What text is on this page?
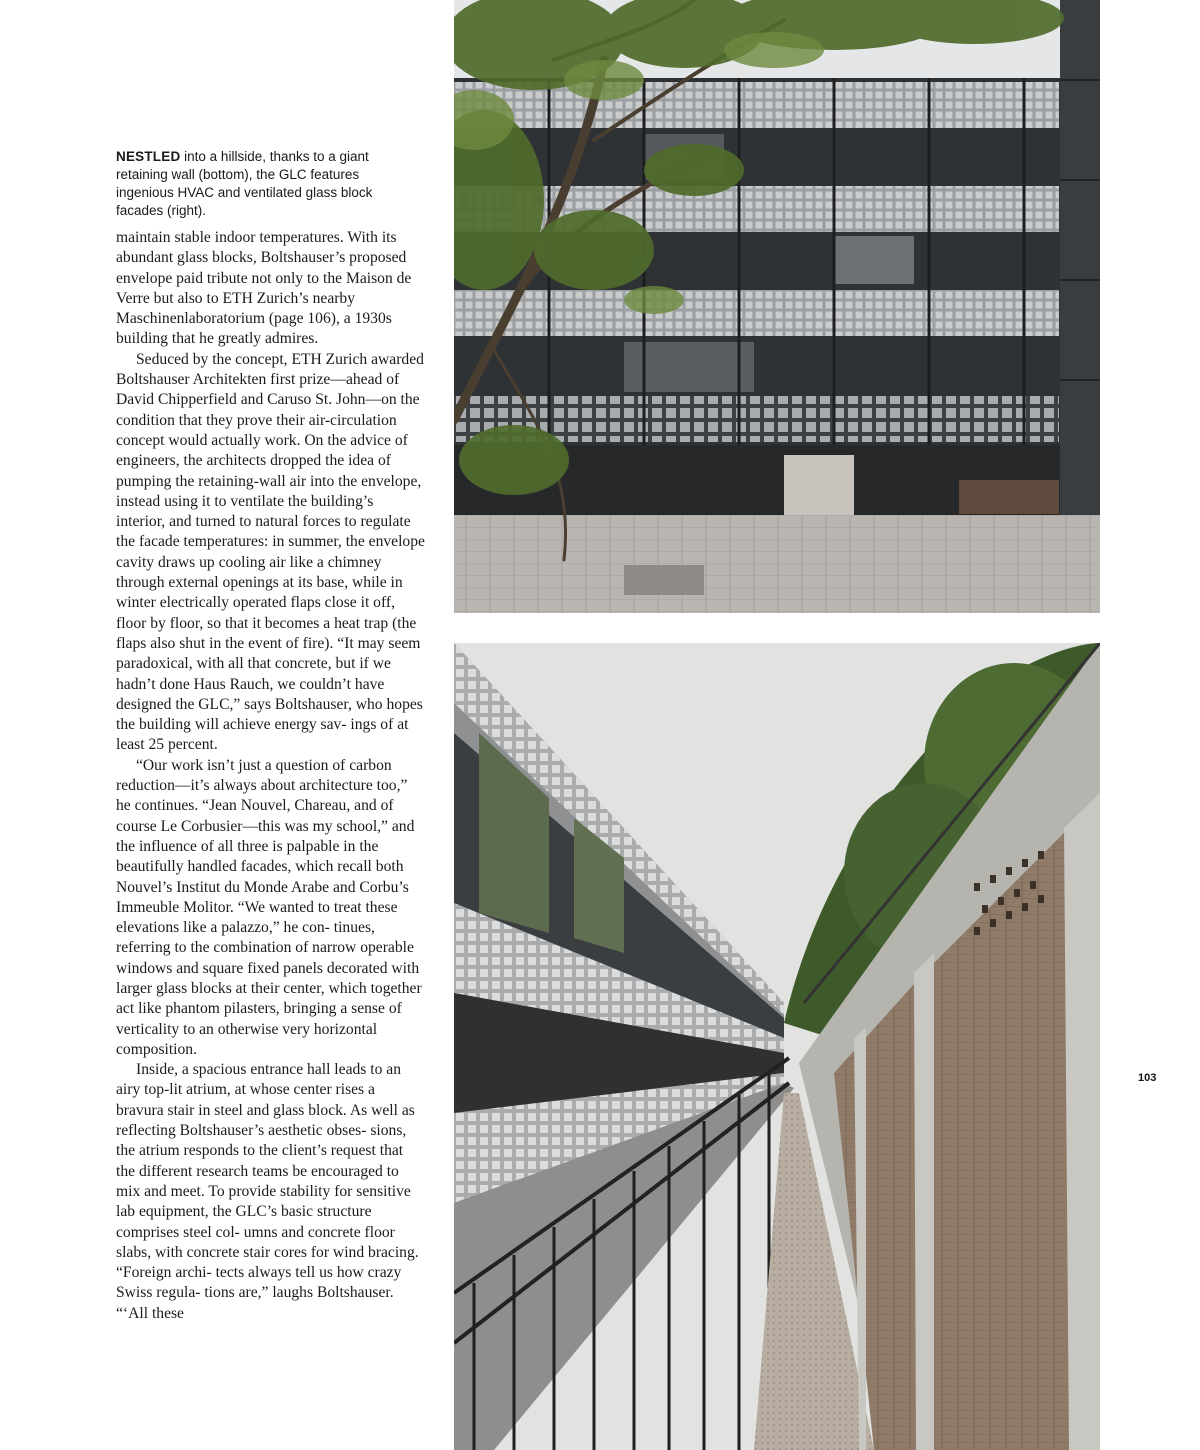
NESTLED into a hillside, thanks to a giant retaining wall (bottom), the GLC features ingenious HVAC and ventilated glass block facades (right).

maintain stable indoor temperatures. With its abundant glass blocks, Boltshauser’s proposed envelope paid tribute not only to the Maison de Verre but also to ETH Zurich’s nearby Maschinenlaboratorium (page 106), a 1930s building that he greatly admires.

Seduced by the concept, ETH Zurich awarded Boltshauser Architekten first prize—ahead of David Chipperfield and Caruso St. John—on the condition that they prove their air-circulation concept would actually work. On the advice of engineers, the architects dropped the idea of pumping the retaining-wall air into the envelope, instead using it to ventilate the building’s interior, and turned to natural forces to regulate the facade temperatures: in summer, the envelope cavity draws up cooling air like a chimney through external openings at its base, while in winter electrically operated flaps close it off, floor by floor, so that it becomes a heat trap (the flaps also shut in the event of fire). “It may seem paradoxical, with all that concrete, but if we hadn’t done Haus Rauch, we couldn’t have designed the GLC,” says Boltshauser, who hopes the building will achieve energy sav- ings of at least 25 percent.

“Our work isn’t just a question of carbon reduction—it’s always about architecture too,” he continues. “Jean Nouvel, Chareau, and of course Le Corbusier—this was my school,” and the influence of all three is palpable in the beautifully handled facades, which recall both Nouvel’s Institut du Monde Arabe and Corbu’s Immeuble Molitor. “We wanted to treat these elevations like a palazzo,” he con- tinues, referring to the combination of narrow operable windows and square fixed panels decorated with larger glass blocks at their center, which together act like phantom pilasters, bringing a sense of verticality to an otherwise very horizontal composition.

Inside, a spacious entrance hall leads to an airy top-lit atrium, at whose center rises a bravura stair in steel and glass block. As well as reflecting Boltshauser’s aesthetic obses- sions, the atrium responds to the client’s request that the different research teams be encouraged to mix and meet. To provide stability for sensitive lab equipment, the GLC’s basic structure comprises steel col- umns and concrete floor slabs, with concrete stair cores for wind bracing. “Foreign archi- tects always tell us how crazy Swiss regula- tions are,” laughs Boltshauser. “‘All these

103
